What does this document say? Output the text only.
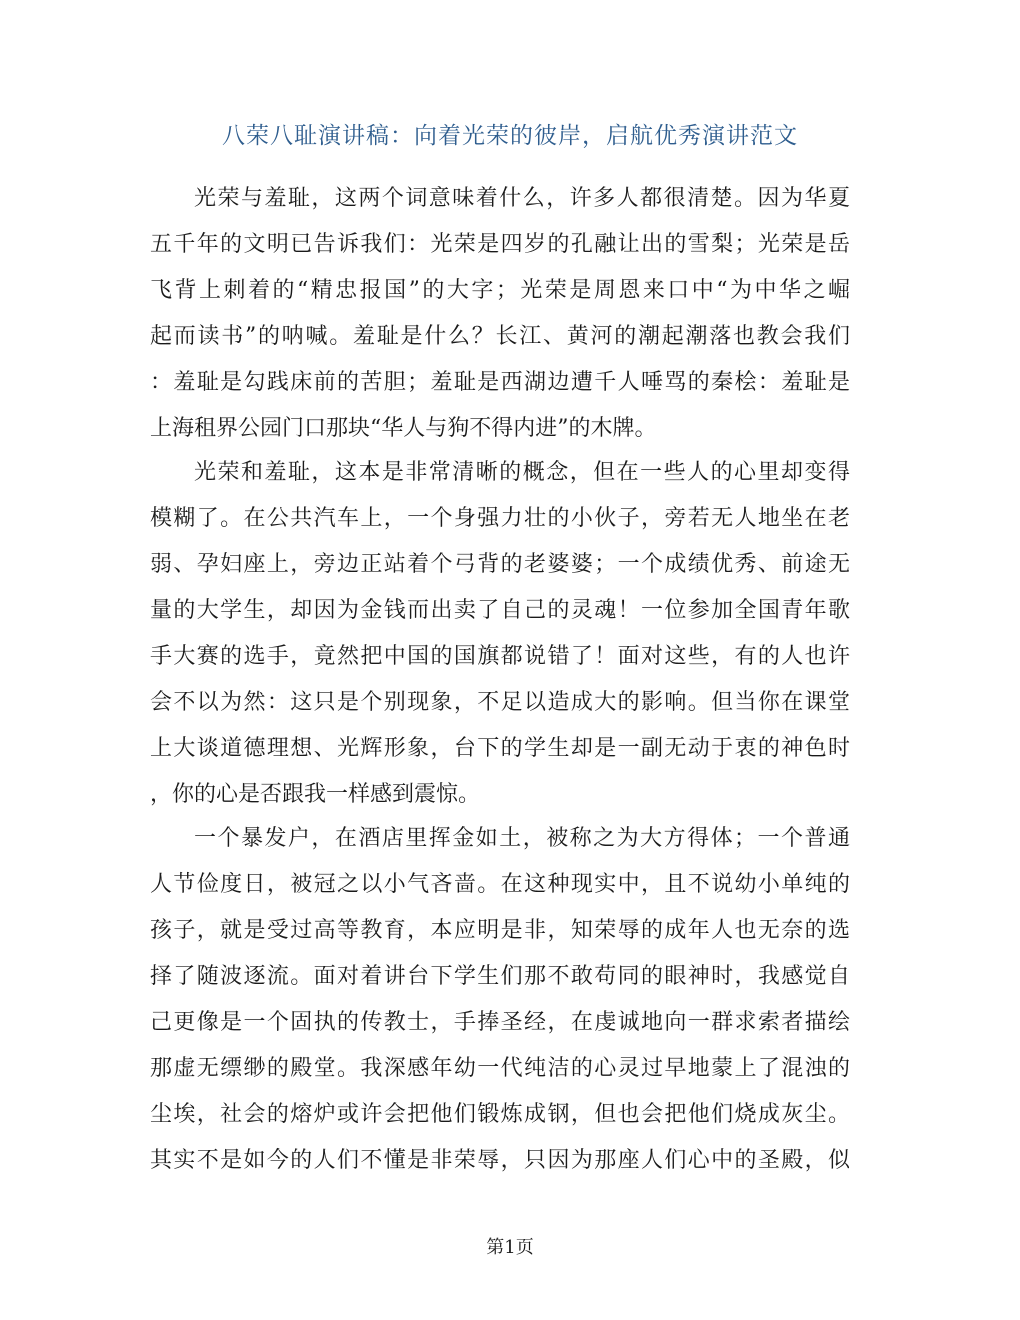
八荣八耻演讲稿：向着光荣的彼岸，启航优秀演讲范文
光荣与羞耻，这两个词意味着什么，许多人都很清楚。因为华夏
五千年的文明已告诉我们：光荣是四岁的孔融让出的雪梨；光荣是岳
飞背上刺着的“精忠报国”的大字；光荣是周恩来口中“为中华之崛
起而读书”的呐喊。羞耻是什么？长江、黄河的潮起潮落也教会我们
：羞耻是勾践床前的苦胆；羞耻是西湖边遭千人唾骂的秦桧：羞耻是
上海租界公园门口那块“华人与狗不得内进”的木牌。
光荣和羞耻，这本是非常清晰的概念，但在一些人的心里却变得
模糊了。在公共汽车上，一个身强力壮的小伙子，旁若无人地坐在老
弱、孕妇座上，旁边正站着个弓背的老婆婆；一个成绩优秀、前途无
量的大学生，却因为金钱而出卖了自己的灵魂！一位参加全国青年歌
手大赛的选手，竟然把中国的国旗都说错了！面对这些，有的人也许
会不以为然：这只是个别现象，不足以造成大的影响。但当你在课堂
上大谈道德理想、光辉形象，台下的学生却是一副无动于衷的神色时
，你的心是否跟我一样感到震惊。
一个暴发户，在酒店里挥金如土，被称之为大方得体；一个普通
人节俭度日，被冠之以小气吝啬。在这种现实中，且不说幼小单纯的
孩子，就是受过高等教育，本应明是非，知荣辱的成年人也无奈的选
择了随波逐流。面对着讲台下学生们那不敢苟同的眼神时，我感觉自
己更像是一个固执的传教士，手捧圣经，在虔诚地向一群求索者描绘
那虚无缥缈的殿堂。我深感年幼一代纯洁的心灵过早地蒙上了混浊的
尘埃，社会的熔炉或许会把他们锻炼成钢，但也会把他们烧成灰尘。
其实不是如今的人们不懂是非荣辱，只因为那座人们心中的圣殿，似
第1页
